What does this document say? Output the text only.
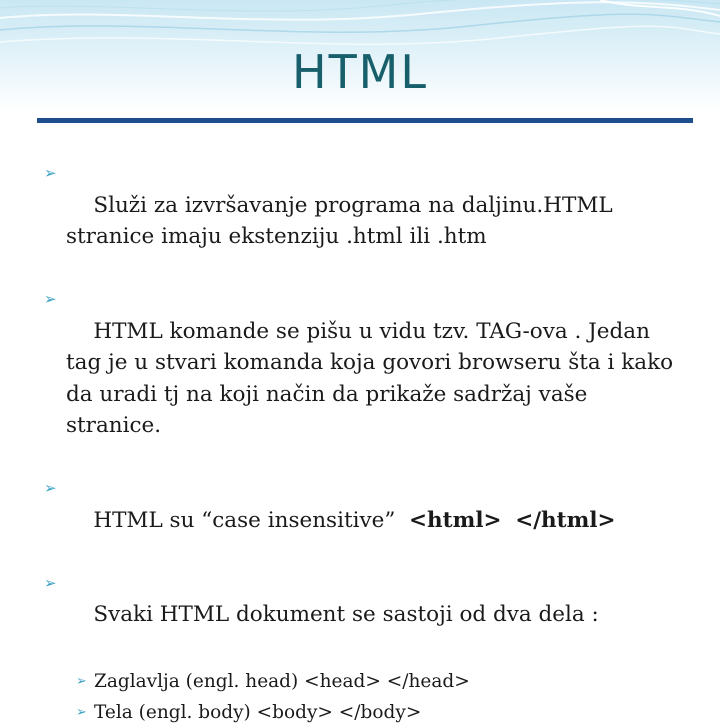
HTML

➢
Služi za izvršavanje programa na daljinu.HTML stranice imaju ekstenziju .html ili .htm

➢
HTML komande se pišu u vidu tzv. TAG-ova . Jedan tag je u stvari komanda koja govori browseru šta i kako da uradi tj na koji način da prikaže sadržaj vaše stranice.

➢
HTML su “case insensitive”  <html> </html>

➢
Svaki HTML dokument se sastoji od dva dela :

➢ Zaglavlja (engl. head) <head> </head>
➢ Tela (engl. body) <body> </body>
